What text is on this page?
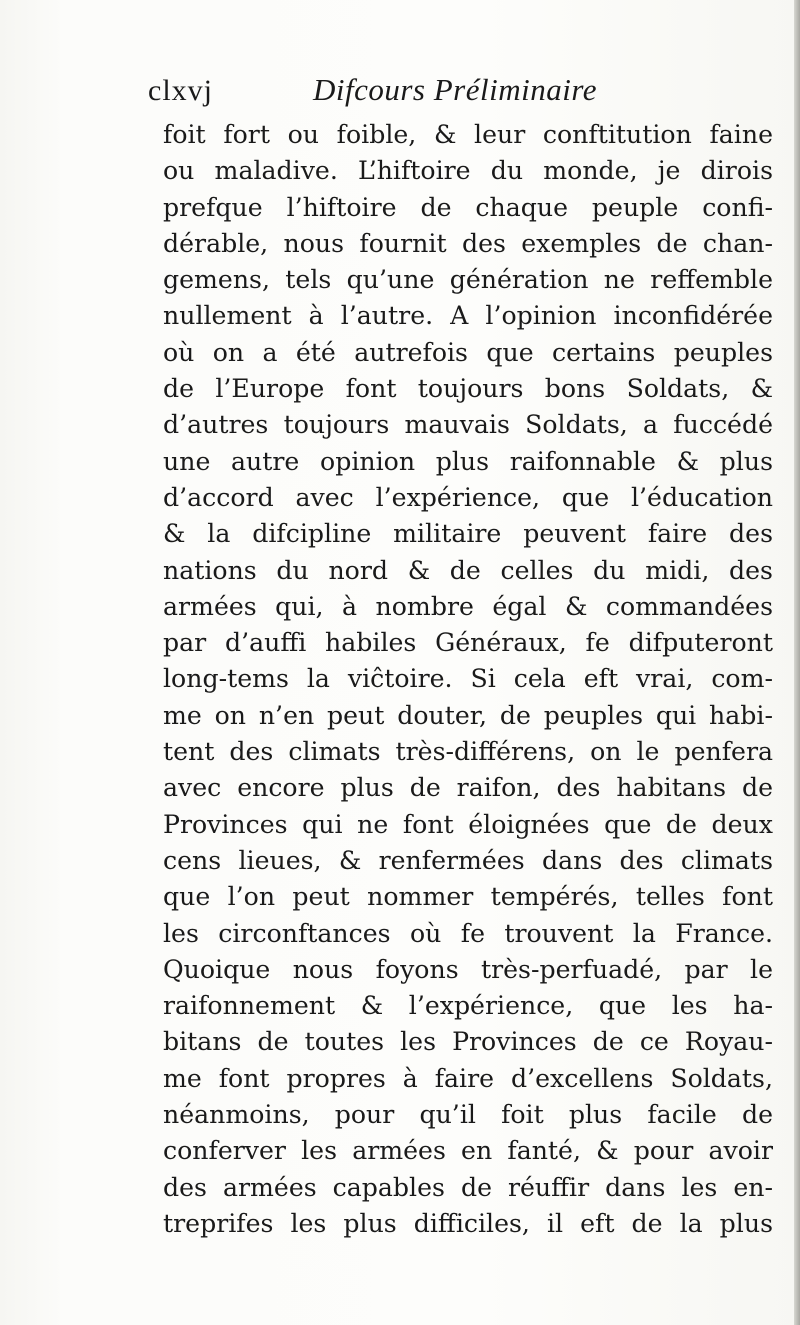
clxvj	Difcours Préliminaire
foit fort ou foible, & leur conftitution faine
ou maladive. L’hiftoire du monde, je dirois
prefque l’hiftoire de chaque peuple confi-
dérable, nous fournit des exemples de chan-
gemens, tels qu’une génération ne reffemble
nullement à l’autre. A l’opinion inconfidérée
où on a été autrefois que certains peuples
de l’Europe font toujours bons Soldats, &
d’autres toujours mauvais Soldats, a fuccédé
une autre opinion plus raifonnable & plus
d’accord avec l’expérience, que l’éducation
& la difcipline militaire peuvent faire des
nations du nord & de celles du midi, des
armées qui, à nombre égal & commandées
par d’auffi habiles Généraux, fe difputeront
long-tems la viĉtoire. Si cela eft vrai, com-
me on n’en peut douter, de peuples qui habi-
tent des climats très-différens, on le penfera
avec encore plus de raifon, des habitans de
Provinces qui ne font éloignées que de deux
cens lieues, & renfermées dans des climats
que l’on peut nommer tempérés, telles font
les circonftances où fe trouvent la France.
Quoique nous foyons très-perfuadé, par le
raifonnement & l’expérience, que les ha-
bitans de toutes les Provinces de ce Royau-
me font propres à faire d’excellens Soldats,
néanmoins, pour qu’il foit plus facile de
conferver les armées en fanté, & pour avoir
des armées capables de réuffir dans les en-
treprifes les plus difficiles, il eft de la plus
